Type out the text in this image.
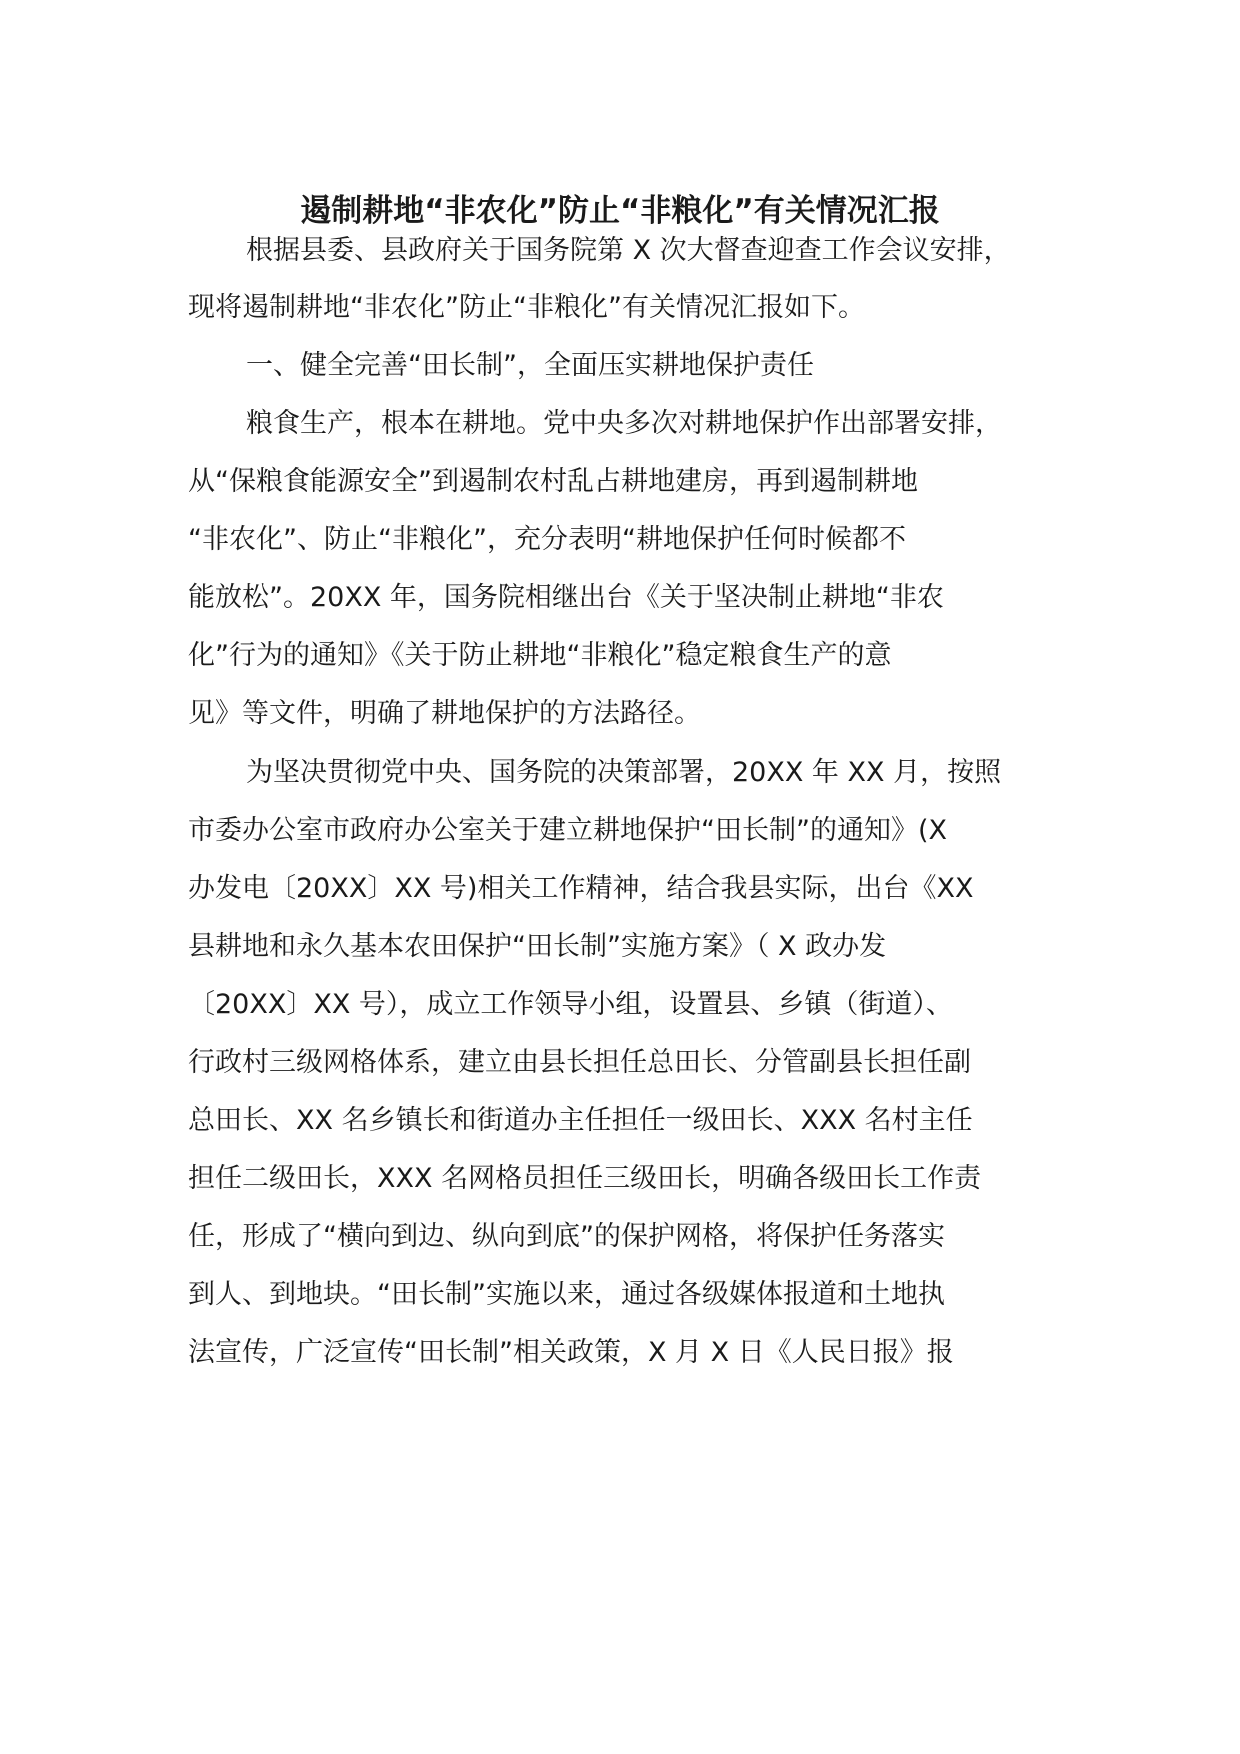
遏制耕地“非农化”防止“非粮化”有关情况汇报
根据县委、县政府关于国务院第 X 次大督查迎查工作会议安排，
现将遏制耕地“非农化”防止“非粮化”有关情况汇报如下。
一、健全完善“田长制”，全面压实耕地保护责任
粮食生产，根本在耕地。党中央多次对耕地保护作出部署安排，
从“保粮食能源安全”到遏制农村乱占耕地建房，再到遏制耕地
“非农化”、防止“非粮化”，充分表明“耕地保护任何时候都不
能放松”。20XX 年，国务院相继出台《关于坚决制止耕地“非农
化”行为的通知》《关于防止耕地“非粮化”稳定粮食生产的意
见》等文件，明确了耕地保护的方法路径。
为坚决贯彻党中央、国务院的决策部署，20XX 年 XX 月，按照
市委办公室市政府办公室关于建立耕地保护“田长制”的通知》(X
办发电〔20XX〕XX 号)相关工作精神，结合我县实际，出台《XX
县耕地和永久基本农田保护“田长制”实施方案》（ X 政办发
〔20XX〕XX 号），成立工作领导小组，设置县、乡镇（街道）、
行政村三级网格体系，建立由县长担任总田长、分管副县长担任副
总田长、XX 名乡镇长和街道办主任担任一级田长、XXX 名村主任
担任二级田长，XXX 名网格员担任三级田长，明确各级田长工作责
任，形成了“横向到边、纵向到底”的保护网格，将保护任务落实
到人、到地块。“田长制”实施以来，通过各级媒体报道和土地执
法宣传，广泛宣传“田长制”相关政策，X 月 X 日《人民日报》报
